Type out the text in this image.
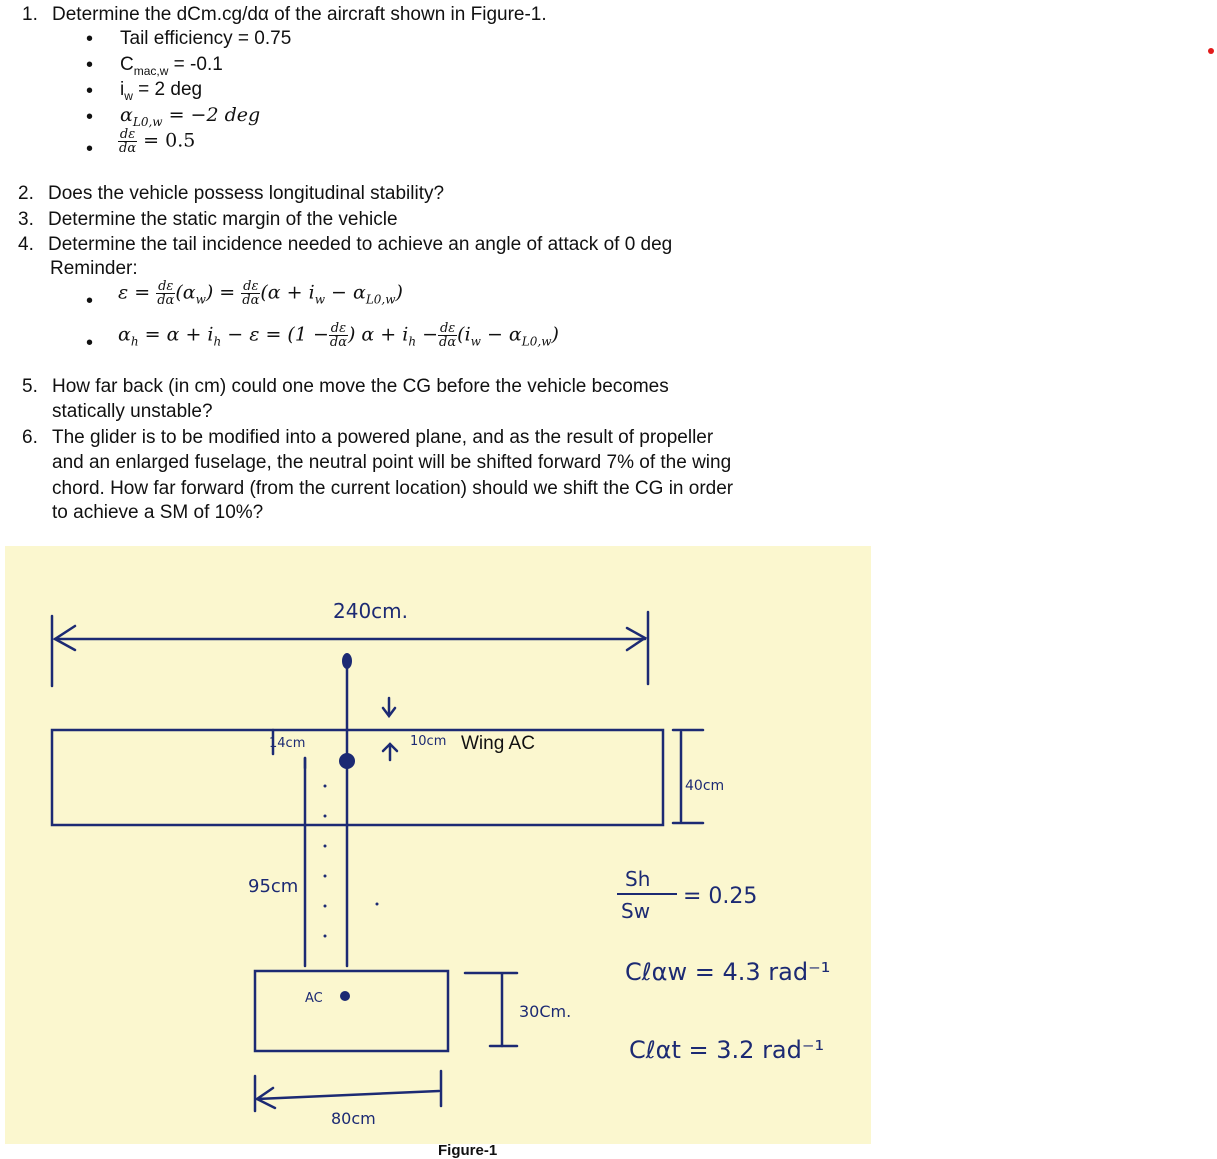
1. Determine the dCm.cg/dα of the aircraft shown in Figure-1.
• Tail efficiency = 0.75
• $C_{mac,w} = -0.1$
• $i_w = 2$ deg
• $\alpha_{L0,w} = -2$ deg
• $\frac{d\varepsilon}{d\alpha} = 0.5$
2. Does the vehicle possess longitudinal stability?
3. Determine the static margin of the vehicle
4. Determine the tail incidence needed to achieve an angle of attack of 0 deg
Reminder:
• $\varepsilon = \frac{d\varepsilon}{d\alpha} (\alpha_w) = \frac{d\varepsilon}{d\alpha} (\alpha + i_w - \alpha_{L0,w})$
• $\alpha_h = \alpha + i_h - \varepsilon = (1 - \frac{d\varepsilon}{d\alpha}$ ) $\alpha + i_h - \frac{d\varepsilon}{d\alpha} (i_w - \alpha_{L0,w})$
5. How far back (in cm) could one move the CG before the vehicle becomes
statically unstable?
6. The glider is to be modified into a powered plane, and as the result of propeller
and an enlarged fuselage, the neutral point will be shifted forward 7% of the wing
chord. How far forward (from the current location) should we shift the CG in order
to achieve a SM of 10%?
240cm.
14cm	10cm Wing AC
40cm
95cm
AC
30Cm.
80cm
Sh
Sw
= 0.25
Cℓαw = 4.3 rad⁻¹
Cℓαt = 3.2 rad⁻¹
Figure-1
